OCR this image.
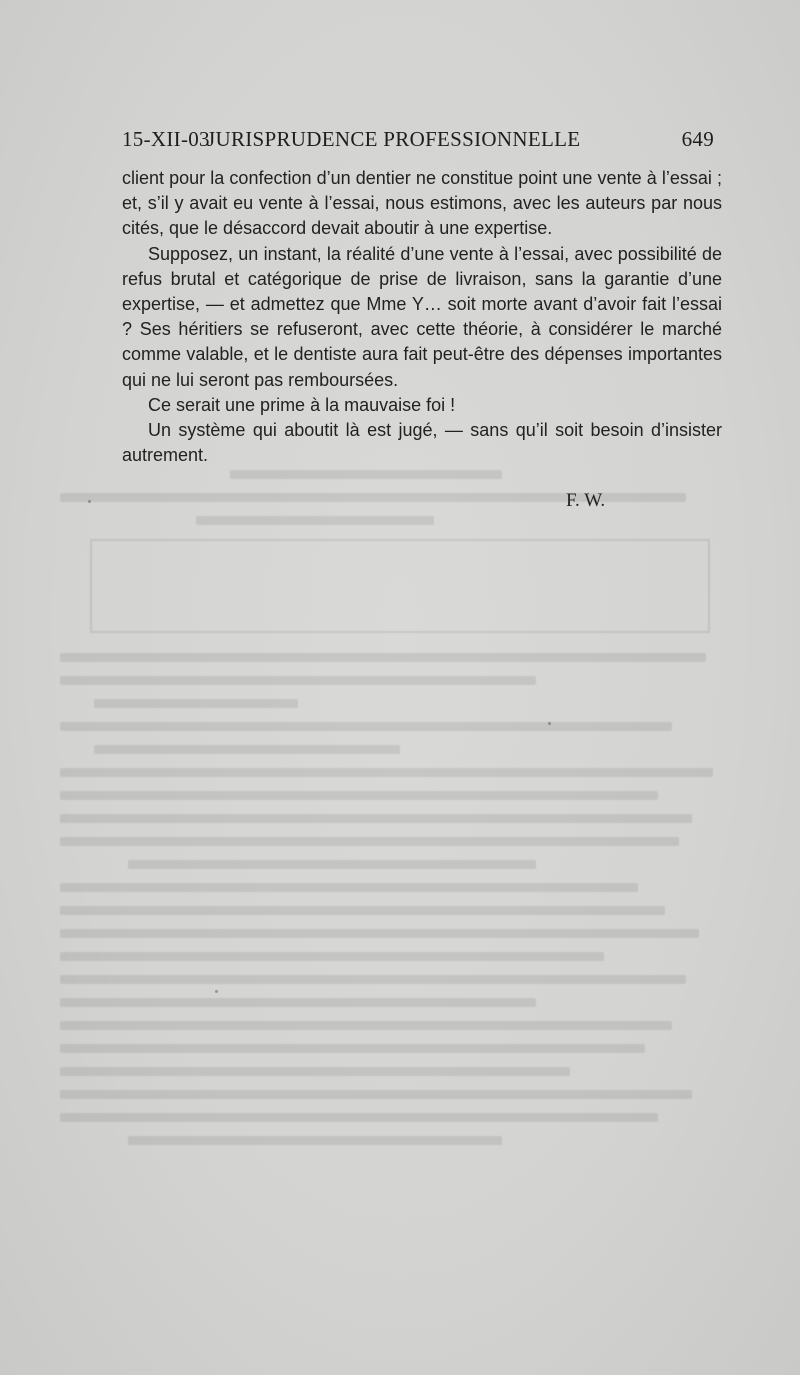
15-XII-03
JURISPRUDENCE PROFESSIONNELLE	649

client pour la confection d’un dentier ne constitue point une vente à l’essai ; et, s’il y avait eu vente à l’essai, nous estimons, avec les auteurs par nous cités, que le désaccord devait aboutir à une expertise.

Supposez, un instant, la réalité d’une vente à l’essai, avec possibilité de refus brutal et catégorique de prise de livraison, sans la garantie d’une expertise, — et admettez que Mme Y… soit morte avant d’avoir fait l’essai ? Ses héritiers se refuseront, avec cette théorie, à considérer le marché comme valable, et le dentiste aura fait peut-être des dépenses importantes qui ne lui seront pas remboursées.

Ce serait une prime à la mauvaise foi !

Un système qui aboutit là est jugé, — sans qu’il soit besoin d’insister autrement.

F. W.
